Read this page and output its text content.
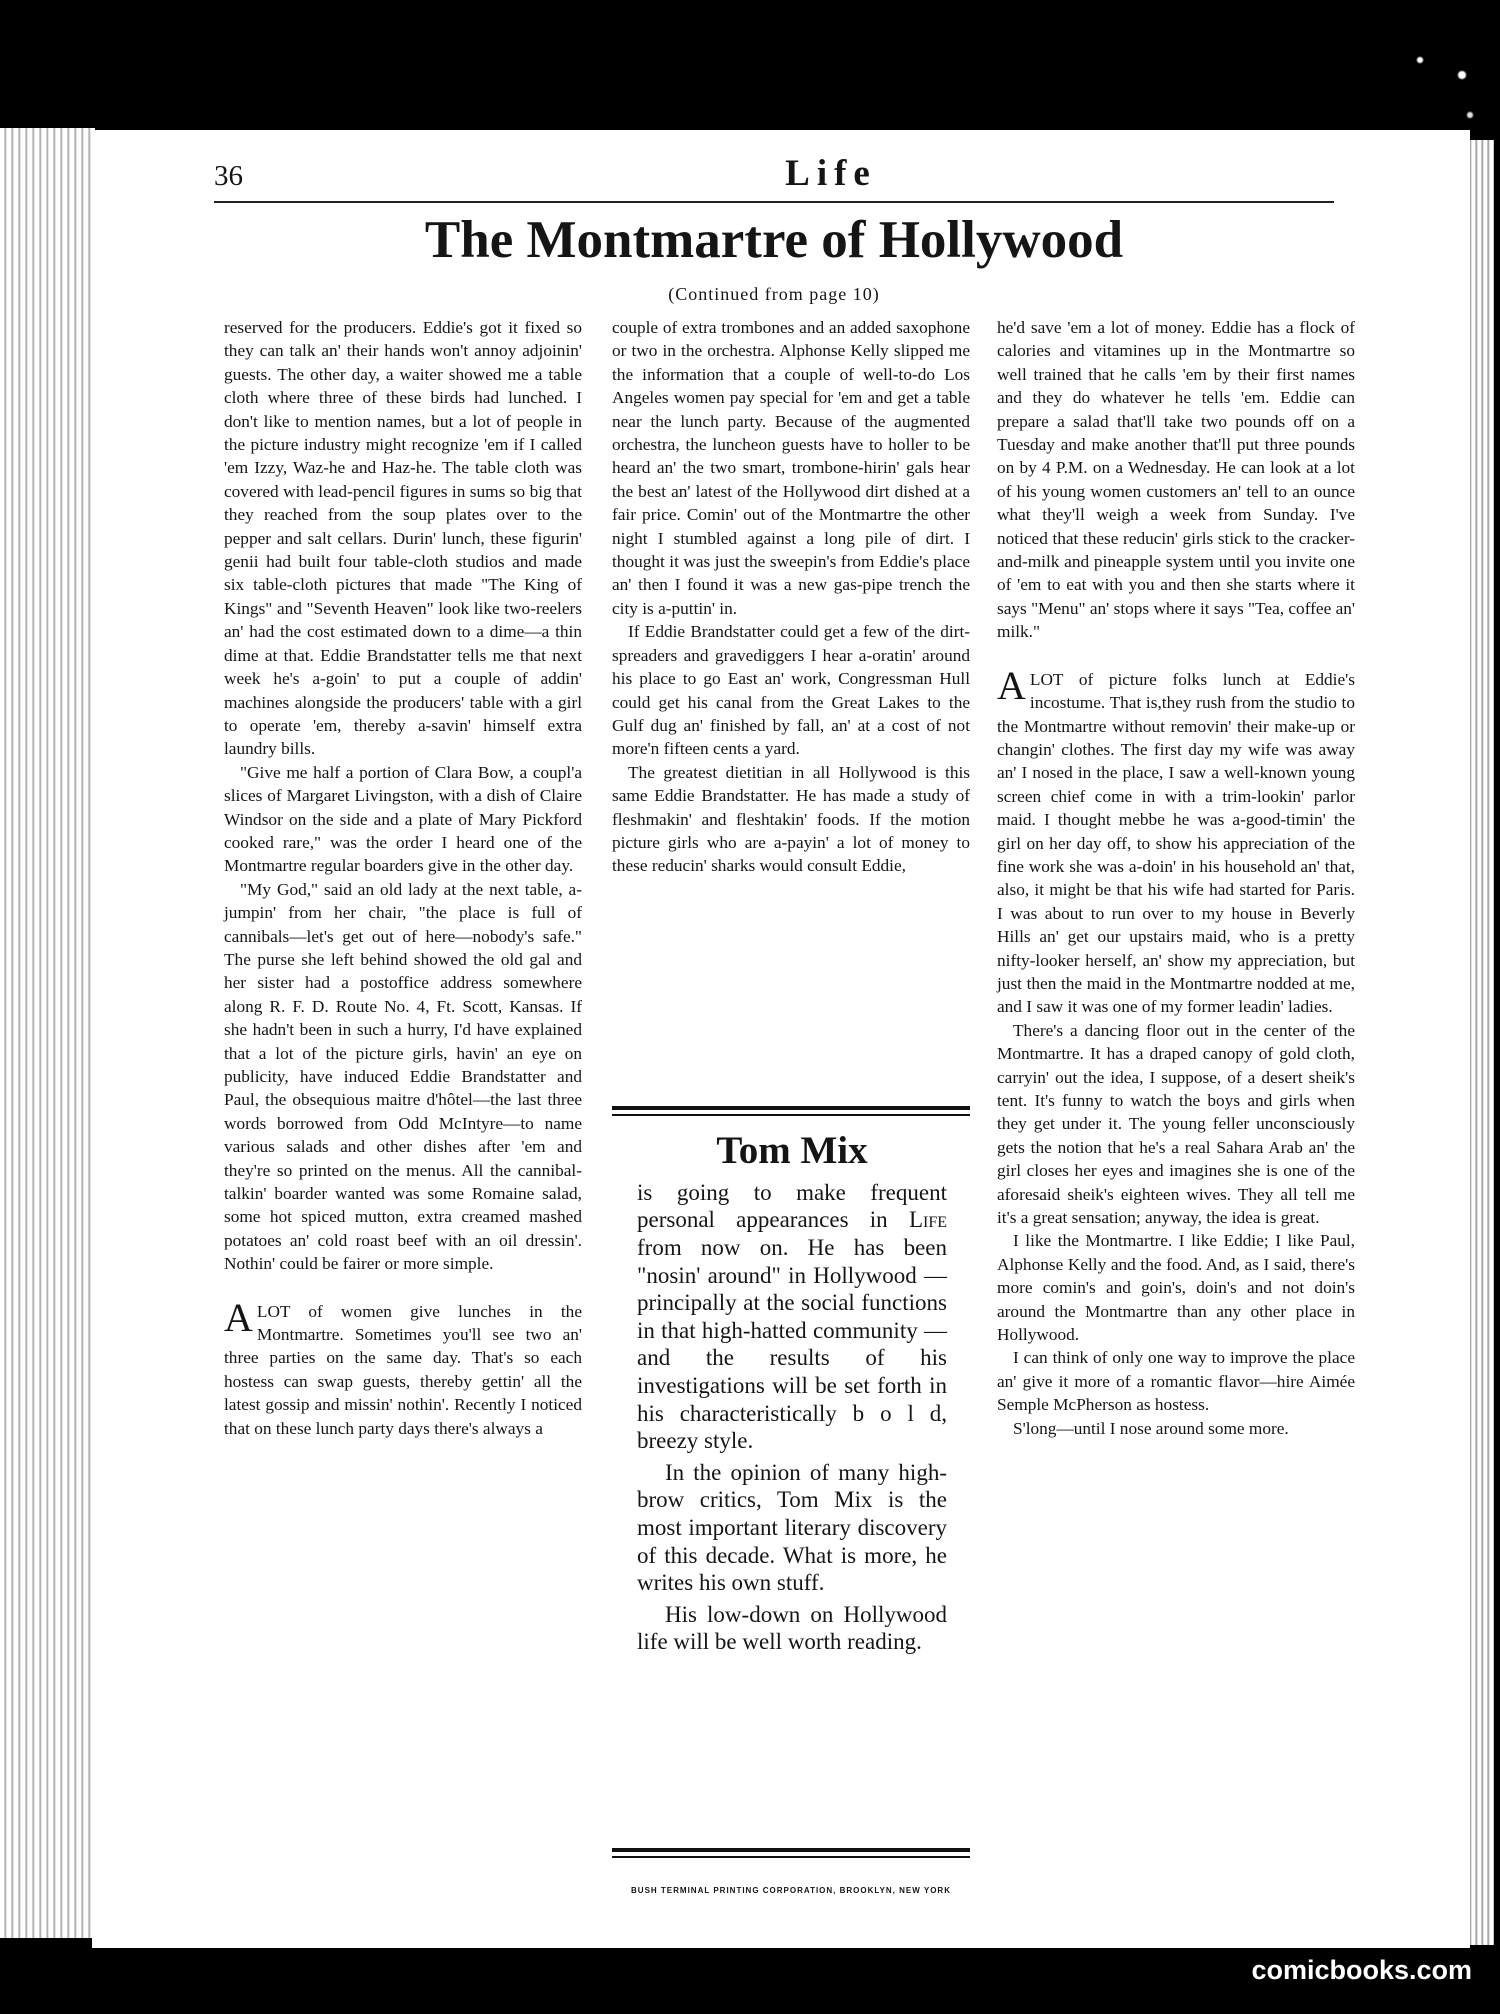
36	Life
The Montmartre of Hollywood
(Continued from page 10)

reserved for the producers. Eddie's got it fixed so they can talk an' their hands won't annoy adjoinin' guests. The other day, a waiter showed me a table cloth where three of these birds had lunched. I don't like to mention names, but a lot of people in the picture industry might recognize 'em if I called 'em Izzy, Waz-he and Haz-he. The table cloth was covered with lead-pencil figures in sums so big that they reached from the soup plates over to the pepper and salt cellars. Durin' lunch, these figurin' genii had built four table-cloth studios and made six table-cloth pictures that made "The King of Kings" and "Seventh Heaven" look like two-reelers an' had the cost estimated down to a dime—a thin dime at that. Eddie Brandstatter tells me that next week he's a-goin' to put a couple of addin' machines alongside the producers' table with a girl to operate 'em, thereby a-savin' himself extra laundry bills.

"Give me half a portion of Clara Bow, a coupl'a slices of Margaret Livingston, with a dish of Claire Windsor on the side and a plate of Mary Pickford cooked rare," was the order I heard one of the Montmartre regular boarders give in the other day.

"My God," said an old lady at the next table, a-jumpin' from her chair, "the place is full of cannibals—let's get out of here—nobody's safe." The purse she left behind showed the old gal and her sister had a postoffice address somewhere along R. F. D. Route No. 4, Ft. Scott, Kansas. If she hadn't been in such a hurry, I'd have explained that a lot of the picture girls, havin' an eye on publicity, have induced Eddie Brandstatter and Paul, the obsequious maitre d'hôtel—the last three words borrowed from Odd McIntyre—to name various salads and other dishes after 'em and they're so printed on the menus. All the cannibal-talkin' boarder wanted was some Romaine salad, some hot spiced mutton, extra creamed mashed potatoes an' cold roast beef with an oil dressin'. Nothin' could be fairer or more simple.

ALOT of women give lunches in the Montmartre. Sometimes you'll see two an' three parties on the same day. That's so each hostess can swap guests, thereby gettin' all the latest gossip and missin' nothin'. Recently I noticed that on these lunch party days there's always a

couple of extra trombones and an added saxophone or two in the orchestra. Alphonse Kelly slipped me the information that a couple of well-to-do Los Angeles women pay special for 'em and get a table near the lunch party. Because of the augmented orchestra, the luncheon guests have to holler to be heard an' the two smart, trombone-hirin' gals hear the best an' latest of the Hollywood dirt dished at a fair price. Comin' out of the Montmartre the other night I stumbled against a long pile of dirt. I thought it was just the sweepin's from Eddie's place an' then I found it was a new gas-pipe trench the city is a-puttin' in.

If Eddie Brandstatter could get a few of the dirt-spreaders and gravediggers I hear a-oratin' around his place to go East an' work, Congressman Hull could get his canal from the Great Lakes to the Gulf dug an' finished by fall, an' at a cost of not more'n fifteen cents a yard.

The greatest dietitian in all Hollywood is this same Eddie Brandstatter. He has made a study of fleshmakin' and fleshtakin' foods. If the motion picture girls who are a-payin' a lot of money to these reducin' sharks would consult Eddie,

Tom Mix

is going to make frequent personal appearances in Life from now on. He has been "nosin' around" in Hollywood — principally at the social functions in that high-hatted community — and the results of his investigations will be set forth in his characteristically b o l d, breezy style.

In the opinion of many high-brow critics, Tom Mix is the most important literary discovery of this decade. What is more, he writes his own stuff.

His low-down on Hollywood life will be well worth reading.

BUSH TERMINAL PRINTING CORPORATION, BROOKLYN, NEW YORK

he'd save 'em a lot of money. Eddie has a flock of calories and vitamines up in the Montmartre so well trained that he calls 'em by their first names and they do whatever he tells 'em. Eddie can prepare a salad that'll take two pounds off on a Tuesday and make another that'll put three pounds on by 4 P.M. on a Wednesday. He can look at a lot of his young women customers an' tell to an ounce what they'll weigh a week from Sunday. I've noticed that these reducin' girls stick to the cracker-and-milk and pineapple system until you invite one of 'em to eat with you and then she starts where it says "Menu" an' stops where it says "Tea, coffee an' milk."

ALOT of picture folks lunch at Eddie's incostume. That is,they rush from the studio to the Montmartre without removin' their make-up or changin' clothes. The first day my wife was away an' I nosed in the place, I saw a well-known young screen chief come in with a trim-lookin' parlor maid. I thought mebbe he was a-good-timin' the girl on her day off, to show his appreciation of the fine work she was a-doin' in his household an' that, also, it might be that his wife had started for Paris. I was about to run over to my house in Beverly Hills an' get our upstairs maid, who is a pretty nifty-looker herself, an' show my appreciation, but just then the maid in the Montmartre nodded at me, and I saw it was one of my former leadin' ladies.

There's a dancing floor out in the center of the Montmartre. It has a draped canopy of gold cloth, carryin' out the idea, I suppose, of a desert sheik's tent. It's funny to watch the boys and girls when they get under it. The young feller unconsciously gets the notion that he's a real Sahara Arab an' the girl closes her eyes and imagines she is one of the aforesaid sheik's eighteen wives. They all tell me it's a great sensation; anyway, the idea is great.

I like the Montmartre. I like Eddie; I like Paul, Alphonse Kelly and the food. And, as I said, there's more comin's and goin's, doin's and not doin's around the Montmartre than any other place in Hollywood.

I can think of only one way to improve the place an' give it more of a romantic flavor—hire Aimée Semple McPherson as hostess.

S'long—until I nose around some more.

comicbooks.com
